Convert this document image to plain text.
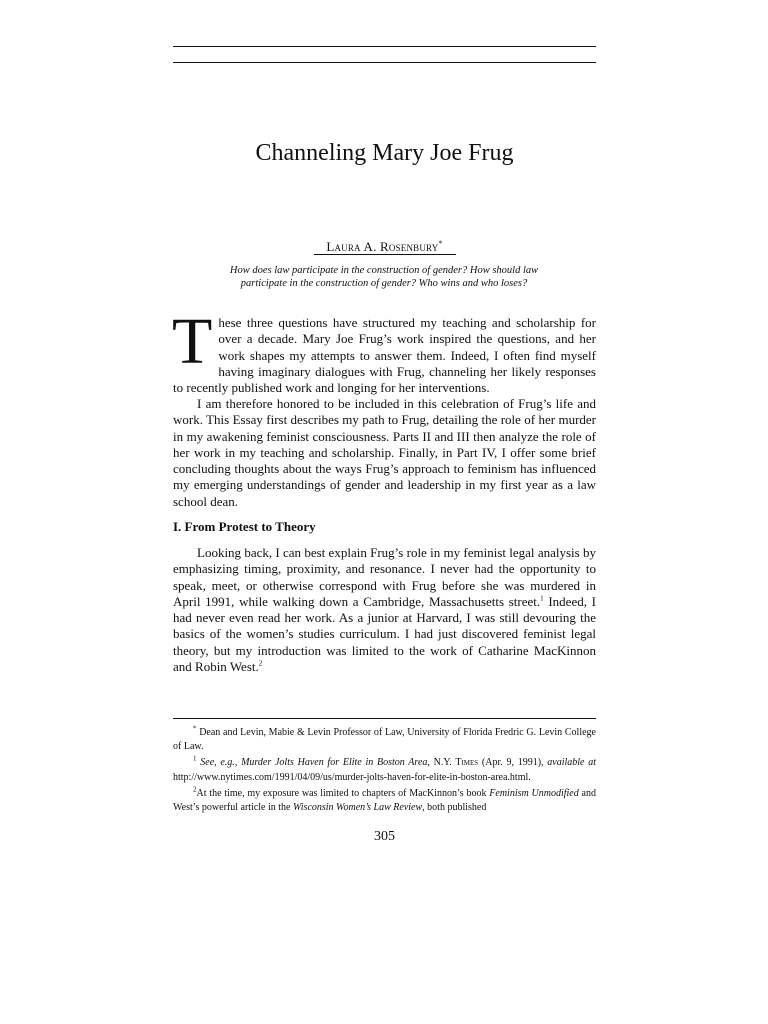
Channeling Mary Joe Frug
Laura A. Rosenbury*
How does law participate in the construction of gender? How should law participate in the construction of gender? Who wins and who loses?
These three questions have structured my teaching and scholarship for over a decade. Mary Joe Frug’s work inspired the questions, and her work shapes my attempts to answer them. Indeed, I often find myself having imaginary dialogues with Frug, channeling her likely responses to recently published work and longing for her interventions.
I am therefore honored to be included in this celebration of Frug’s life and work. This Essay first describes my path to Frug, detailing the role of her murder in my awakening feminist consciousness. Parts II and III then analyze the role of her work in my teaching and scholarship. Finally, in Part IV, I offer some brief concluding thoughts about the ways Frug’s approach to feminism has influenced my emerging understandings of gender and leadership in my first year as a law school dean.
I. From Protest to Theory
Looking back, I can best explain Frug’s role in my feminist legal analysis by emphasizing timing, proximity, and resonance. I never had the opportunity to speak, meet, or otherwise correspond with Frug before she was murdered in April 1991, while walking down a Cambridge, Massachusetts street.$^1$ Indeed, I had never even read her work. As a junior at Harvard, I was still devouring the basics of the women’s studies curriculum. I had just discovered feminist legal theory, but my introduction was limited to the work of Catharine MacKinnon and Robin West.$^2$

* Dean and Levin, Mabie & Levin Professor of Law, University of Florida Fredric G. Levin College of Law.

$^1$ See, e.g., Murder Jolts Haven for Elite in Boston Area, N.Y. Times (Apr. 9, 1991), available at http://www.nytimes.com/1991/04/09/us/murder-jolts-haven-for-elite-in-boston-area.html.

$^2$At the time, my exposure was limited to chapters of MacKinnon’s book Feminism Unmodified and West’s powerful article in the Wisconsin Women’s Law Review, both published

305
